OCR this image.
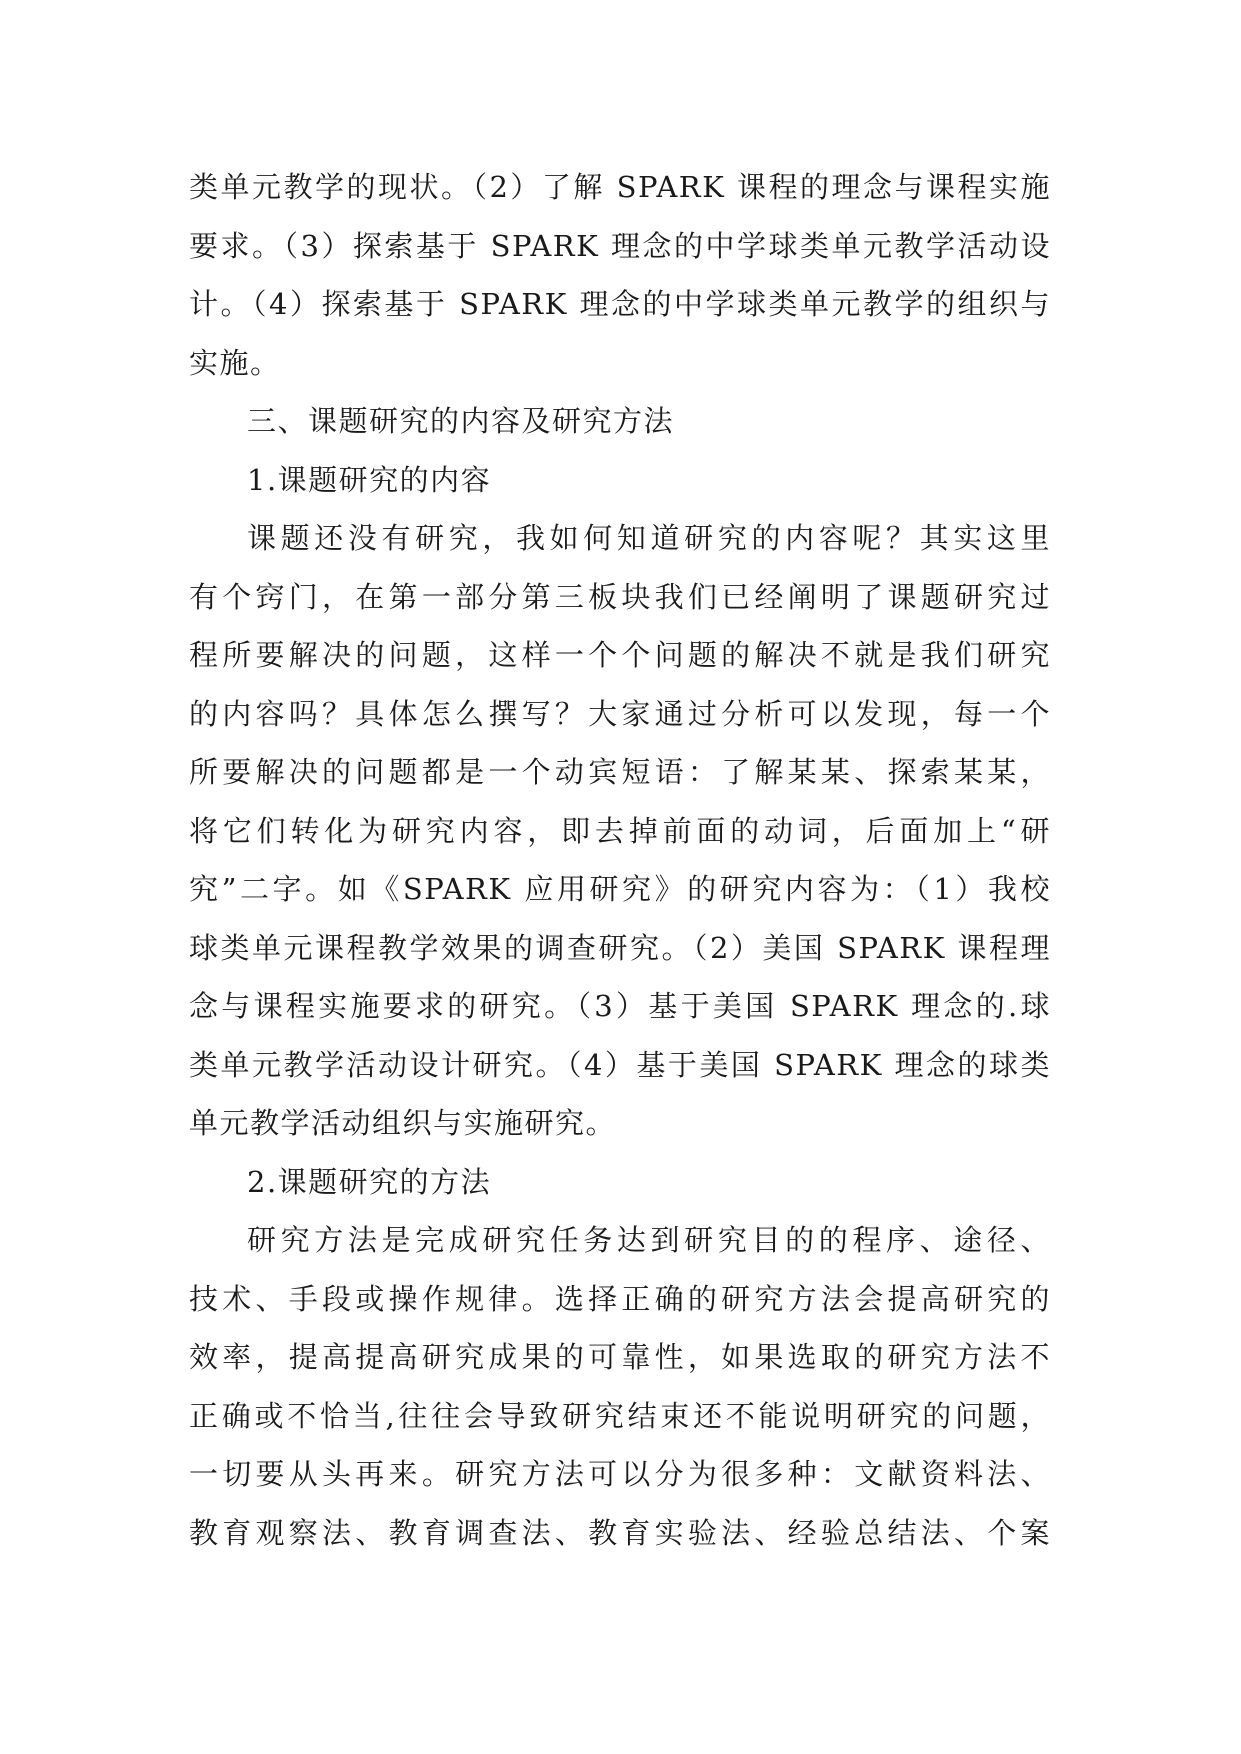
类单元教学的现状。（2）了解 SPARK 课程的理念与课程实施
要求。（3）探索基于 SPARK 理念的中学球类单元教学活动设
计。（4）探索基于 SPARK 理念的中学球类单元教学的组织与
实施。
三、课题研究的内容及研究方法
1.课题研究的内容
课题还没有研究，我如何知道研究的内容呢？其实这里
有个窍门，在第一部分第三板块我们已经阐明了课题研究过
程所要解决的问题，这样一个个问题的解决不就是我们研究
的内容吗？具体怎么撰写？大家通过分析可以发现，每一个
所要解决的问题都是一个动宾短语：了解某某、探索某某，
将它们转化为研究内容，即去掉前面的动词，后面加上“研
究”二字。如《SPARK 应用研究》的研究内容为：（1）我校
球类单元课程教学效果的调查研究。（2）美国 SPARK 课程理
念与课程实施要求的研究。（3）基于美国 SPARK 理念的.球
类单元教学活动设计研究。（4）基于美国 SPARK 理念的球类
单元教学活动组织与实施研究。
2.课题研究的方法
研究方法是完成研究任务达到研究目的的程序、途径、
技术、手段或操作规律。选择正确的研究方法会提高研究的
效率，提高提高研究成果的可靠性，如果选取的研究方法不
正确或不恰当,往往会导致研究结束还不能说明研究的问题，
一切要从头再来。研究方法可以分为很多种：文献资料法、
教育观察法、教育调查法、教育实验法、经验总结法、个案
